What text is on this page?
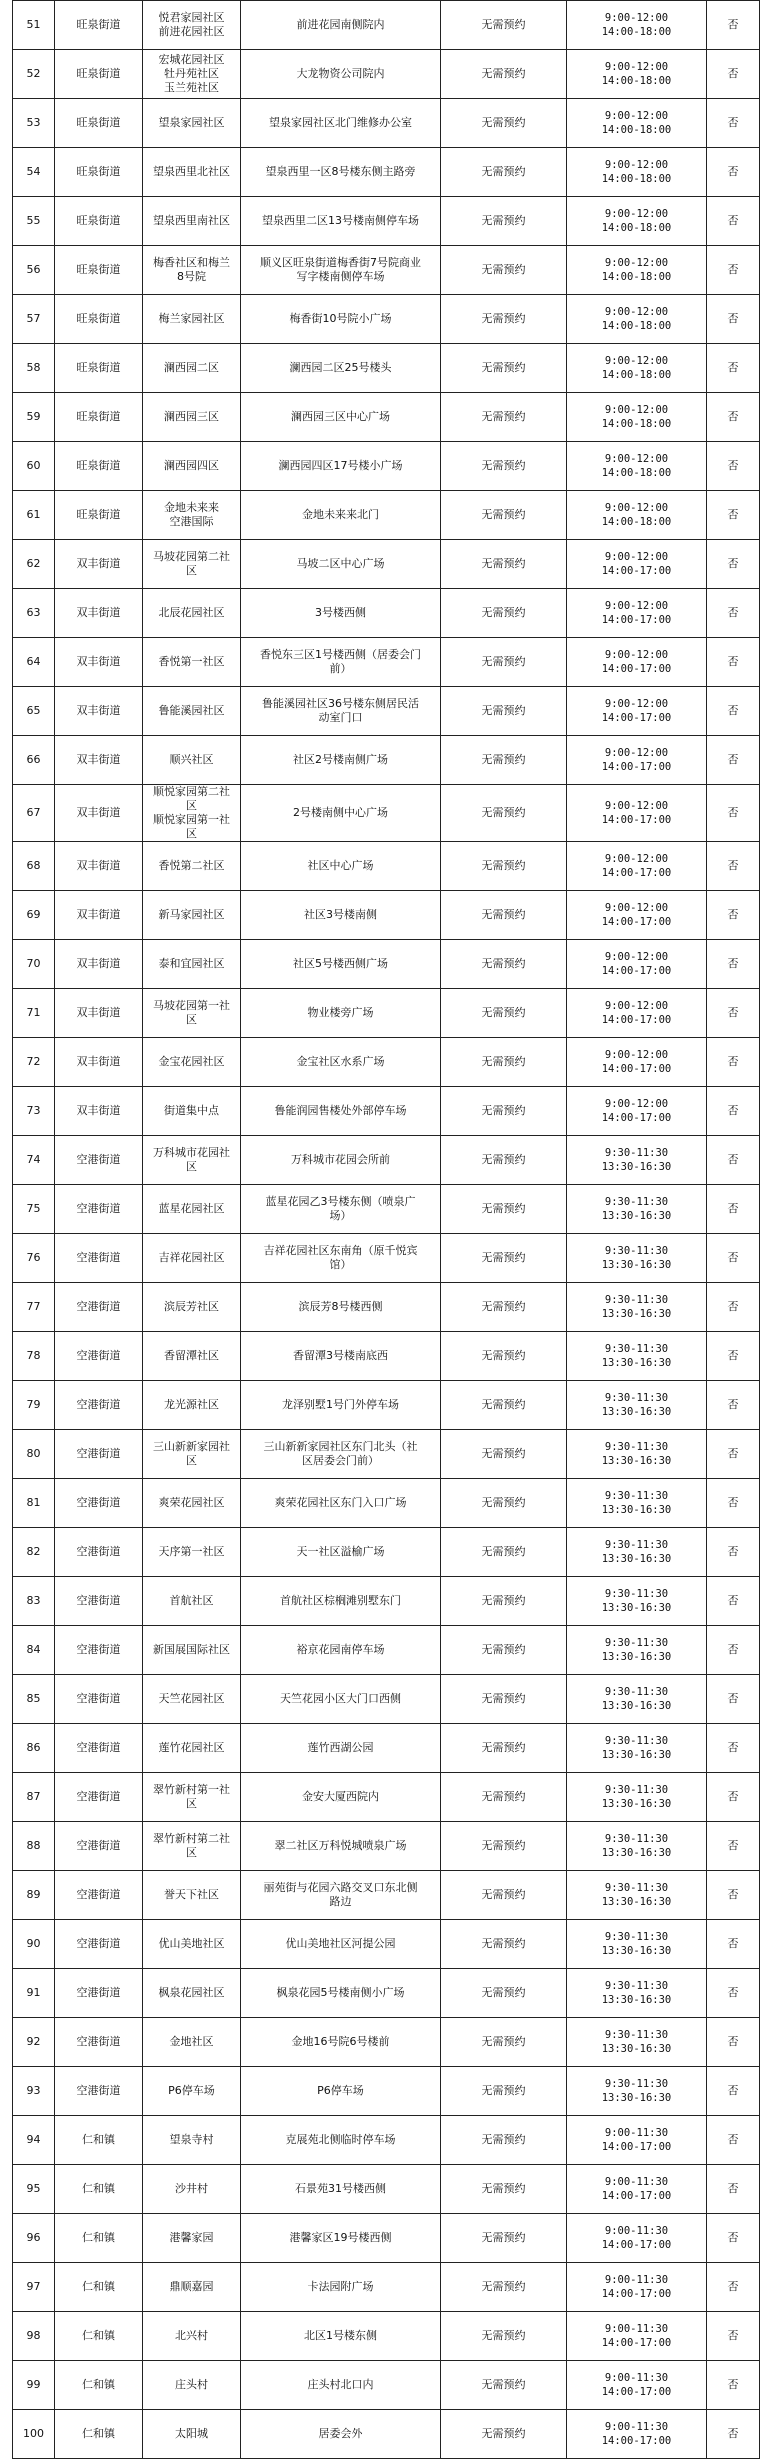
51	旺泉街道	悦君家园社区
前进花园社区	前进花园南侧院内	无需预约	9:00-12:00
14:00-18:00	否
52	旺泉街道	宏城花园社区
牡丹苑社区
玉兰苑社区	大龙物资公司院内	无需预约	9:00-12:00
14:00-18:00	否
53	旺泉街道	望泉家园社区	望泉家园社区北门维修办公室	无需预约	9:00-12:00
14:00-18:00	否
54	旺泉街道	望泉西里北社区	望泉西里一区8号楼东侧主路旁	无需预约	9:00-12:00
14:00-18:00	否
55	旺泉街道	望泉西里南社区	望泉西里二区13号楼南侧停车场	无需预约	9:00-12:00
14:00-18:00	否
56	旺泉街道	梅香社区和梅兰
8号院	顺义区旺泉街道梅香街7号院商业
写字楼南侧停车场	无需预约	9:00-12:00
14:00-18:00	否
57	旺泉街道	梅兰家园社区	梅香街10号院小广场	无需预约	9:00-12:00
14:00-18:00	否
58	旺泉街道	澜西园二区	澜西园二区25号楼头	无需预约	9:00-12:00
14:00-18:00	否
59	旺泉街道	澜西园三区	澜西园三区中心广场	无需预约	9:00-12:00
14:00-18:00	否
60	旺泉街道	澜西园四区	澜西园四区17号楼小广场	无需预约	9:00-12:00
14:00-18:00	否
61	旺泉街道	金地未来来
空港国际	金地未来来北门	无需预约	9:00-12:00
14:00-18:00	否
62	双丰街道	马坡花园第二社
区	马坡二区中心广场	无需预约	9:00-12:00
14:00-17:00	否
63	双丰街道	北辰花园社区	3号楼西侧	无需预约	9:00-12:00
14:00-17:00	否
64	双丰街道	香悦第一社区	香悦东三区1号楼西侧（居委会门
前）	无需预约	9:00-12:00
14:00-17:00	否
65	双丰街道	鲁能溪园社区	鲁能溪园社区36号楼东侧居民活
动室门口	无需预约	9:00-12:00
14:00-17:00	否
66	双丰街道	顺兴社区	社区2号楼南侧广场	无需预约	9:00-12:00
14:00-17:00	否
67	双丰街道	顺悦家园第二社
区
顺悦家园第一社
区	2号楼南侧中心广场	无需预约	9:00-12:00
14:00-17:00	否
68	双丰街道	香悦第二社区	社区中心广场	无需预约	9:00-12:00
14:00-17:00	否
69	双丰街道	新马家园社区	社区3号楼南侧	无需预约	9:00-12:00
14:00-17:00	否
70	双丰街道	泰和宜园社区	社区5号楼西侧广场	无需预约	9:00-12:00
14:00-17:00	否
71	双丰街道	马坡花园第一社
区	物业楼旁广场	无需预约	9:00-12:00
14:00-17:00	否
72	双丰街道	金宝花园社区	金宝社区水系广场	无需预约	9:00-12:00
14:00-17:00	否
73	双丰街道	街道集中点	鲁能润园售楼处外部停车场	无需预约	9:00-12:00
14:00-17:00	否
74	空港街道	万科城市花园社
区	万科城市花园会所前	无需预约	9:30-11:30
13:30-16:30	否
75	空港街道	蓝星花园社区	蓝星花园乙3号楼东侧（喷泉广
场）	无需预约	9:30-11:30
13:30-16:30	否
76	空港街道	吉祥花园社区	吉祥花园社区东南角（原千悦宾
馆）	无需预约	9:30-11:30
13:30-16:30	否
77	空港街道	滨辰芳社区	滨辰芳8号楼西侧	无需预约	9:30-11:30
13:30-16:30	否
78	空港街道	香留潭社区	香留潭3号楼南底西	无需预约	9:30-11:30
13:30-16:30	否
79	空港街道	龙光源社区	龙泽别墅1号门外停车场	无需预约	9:30-11:30
13:30-16:30	否
80	空港街道	三山新新家园社
区	三山新新家园社区东门北头（社
区居委会门前）	无需预约	9:30-11:30
13:30-16:30	否
81	空港街道	爽荣花园社区	爽荣花园社区东门入口广场	无需预约	9:30-11:30
13:30-16:30	否
82	空港街道	天序第一社区	天一社区溢榆广场	无需预约	9:30-11:30
13:30-16:30	否
83	空港街道	首航社区	首航社区棕榈滩别墅东门	无需预约	9:30-11:30
13:30-16:30	否
84	空港街道	新国展国际社区	裕京花园南停车场	无需预约	9:30-11:30
13:30-16:30	否
85	空港街道	天竺花园社区	天竺花园小区大门口西侧	无需预约	9:30-11:30
13:30-16:30	否
86	空港街道	莲竹花园社区	莲竹西湖公园	无需预约	9:30-11:30
13:30-16:30	否
87	空港街道	翠竹新村第一社
区	金安大厦西院内	无需预约	9:30-11:30
13:30-16:30	否
88	空港街道	翠竹新村第二社
区	翠二社区万科悦城喷泉广场	无需预约	9:30-11:30
13:30-16:30	否
89	空港街道	誉天下社区	丽苑街与花园六路交叉口东北侧
路边	无需预约	9:30-11:30
13:30-16:30	否
90	空港街道	优山美地社区	优山美地社区河提公园	无需预约	9:30-11:30
13:30-16:30	否
91	空港街道	枫泉花园社区	枫泉花园5号楼南侧小广场	无需预约	9:30-11:30
13:30-16:30	否
92	空港街道	金地社区	金地16号院6号楼前	无需预约	9:30-11:30
13:30-16:30	否
93	空港街道	P6停车场	P6停车场	无需预约	9:30-11:30
13:30-16:30	否
94	仁和镇	望泉寺村	克展苑北侧临时停车场	无需预约	9:00-11:30
14:00-17:00	否
95	仁和镇	沙井村	石景苑31号楼西侧	无需预约	9:00-11:30
14:00-17:00	否
96	仁和镇	港馨家园	港馨家区19号楼西侧	无需预约	9:00-11:30
14:00-17:00	否
97	仁和镇	鼎顺嘉园	卡法园附广场	无需预约	9:00-11:30
14:00-17:00	否
98	仁和镇	北兴村	北区1号楼东侧	无需预约	9:00-11:30
14:00-17:00	否
99	仁和镇	庄头村	庄头村北口内	无需预约	9:00-11:30
14:00-17:00	否
100	仁和镇	太阳城	居委会外	无需预约	9:00-11:30
14:00-17:00	否
